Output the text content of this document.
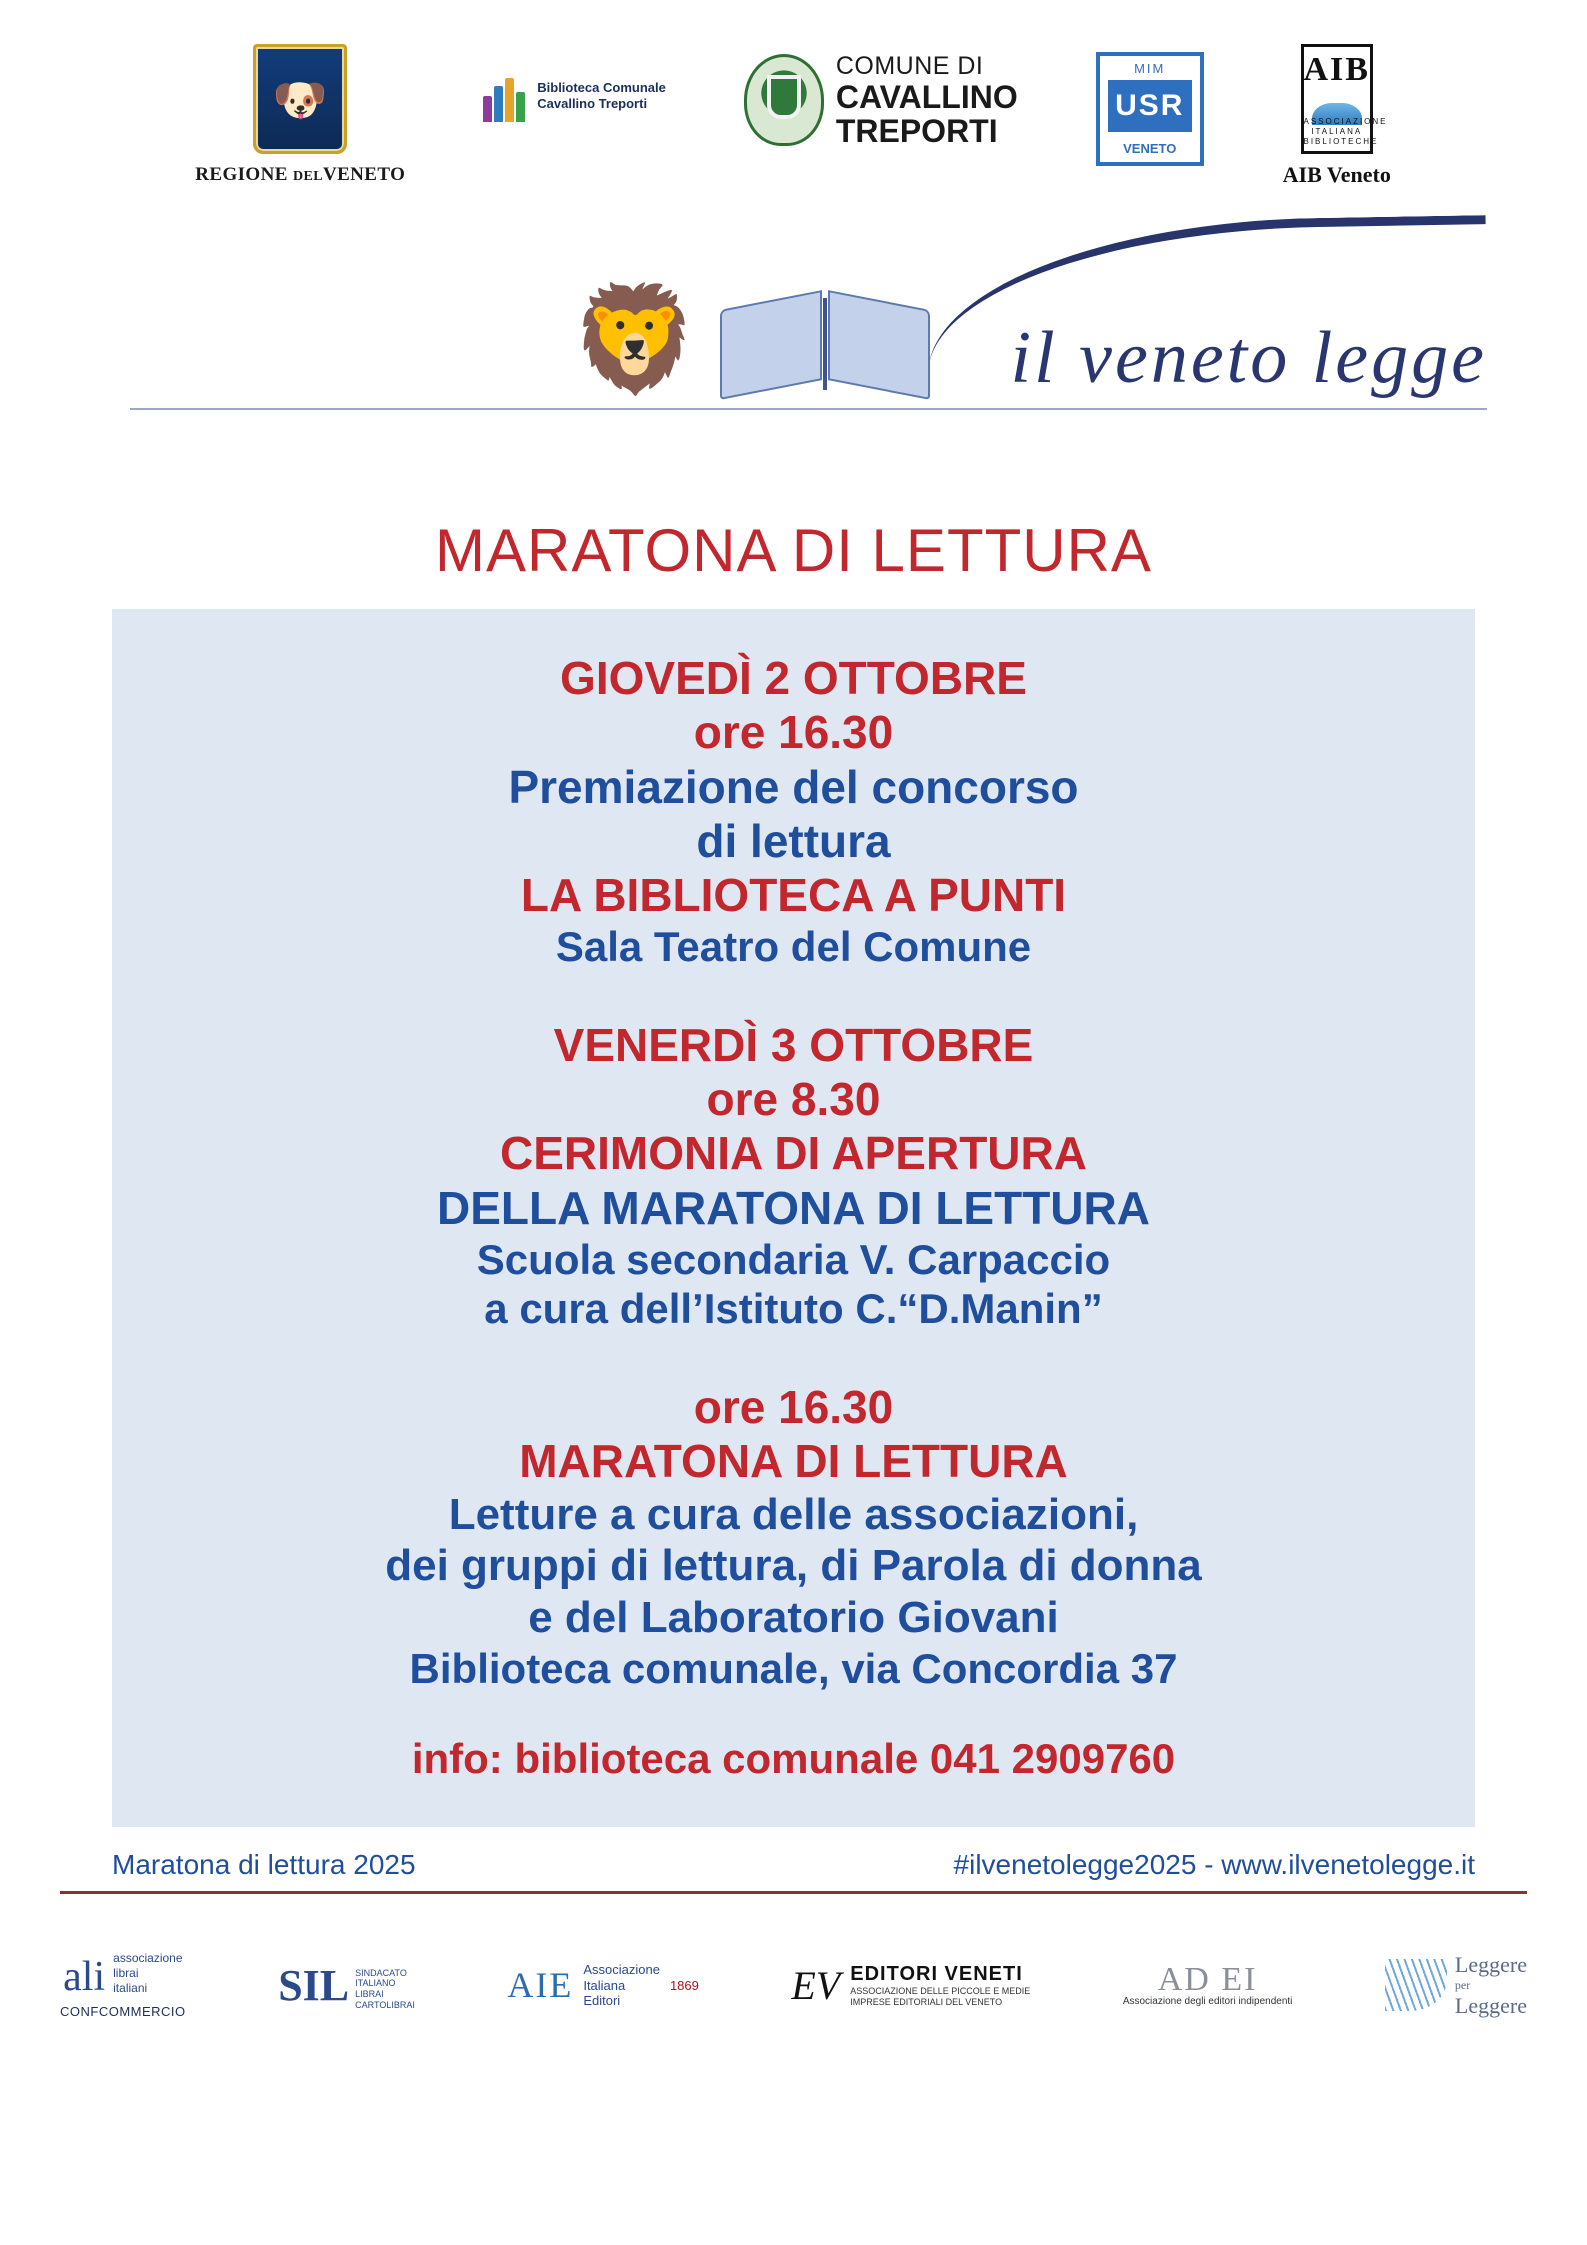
🐶
REGIONE DELVENETO
Biblioteca Comunale
Cavallino Treporti
COMUNE DI
CAVALLINO
TREPORTI
MIM
USR
VENETO
AIB
ASSOCIAZIONE
ITALIANA
BIBLIOTECHE
AIB Veneto
🦁	il veneto legge
MARATONA DI LETTURA

GIOVEDÌ 2 OTTOBRE

ore 16.30

Premiazione del concorso

di lettura

LA BIBLIOTECA A PUNTI

Sala Teatro del Comune

VENERDÌ 3 OTTOBRE

ore 8.30

CERIMONIA DI APERTURA

DELLA MARATONA DI LETTURA

Scuola secondaria V. Carpaccio

a cura dell’Istituto C.“D.Manin”

ore 16.30

MARATONA DI LETTURA

Letture a cura delle associazioni,

dei gruppi di lettura, di Parola di donna

e del Laboratorio Giovani

Biblioteca comunale, via Concordia 37

info: biblioteca comunale 041 2909760

Maratona di lettura 2025	#ilvenetolegge2025 - www.ilvenetolegge.it
ali associazione
librai
italiani
CONFCOMMERCIO
SIL SINDACATO
ITALIANO
LIBRAI
CARTOLIBRAI	AIE Associazione
Italiana
Editori
1869 EV EDITORI VENETI
ASSOCIAZIONE DELLE PICCOLE E MEDIE
IMPRESE EDITORIALI DEL VENETO
AD EI
Associazione degli editori indipendenti
Leggere
per
Leggere
